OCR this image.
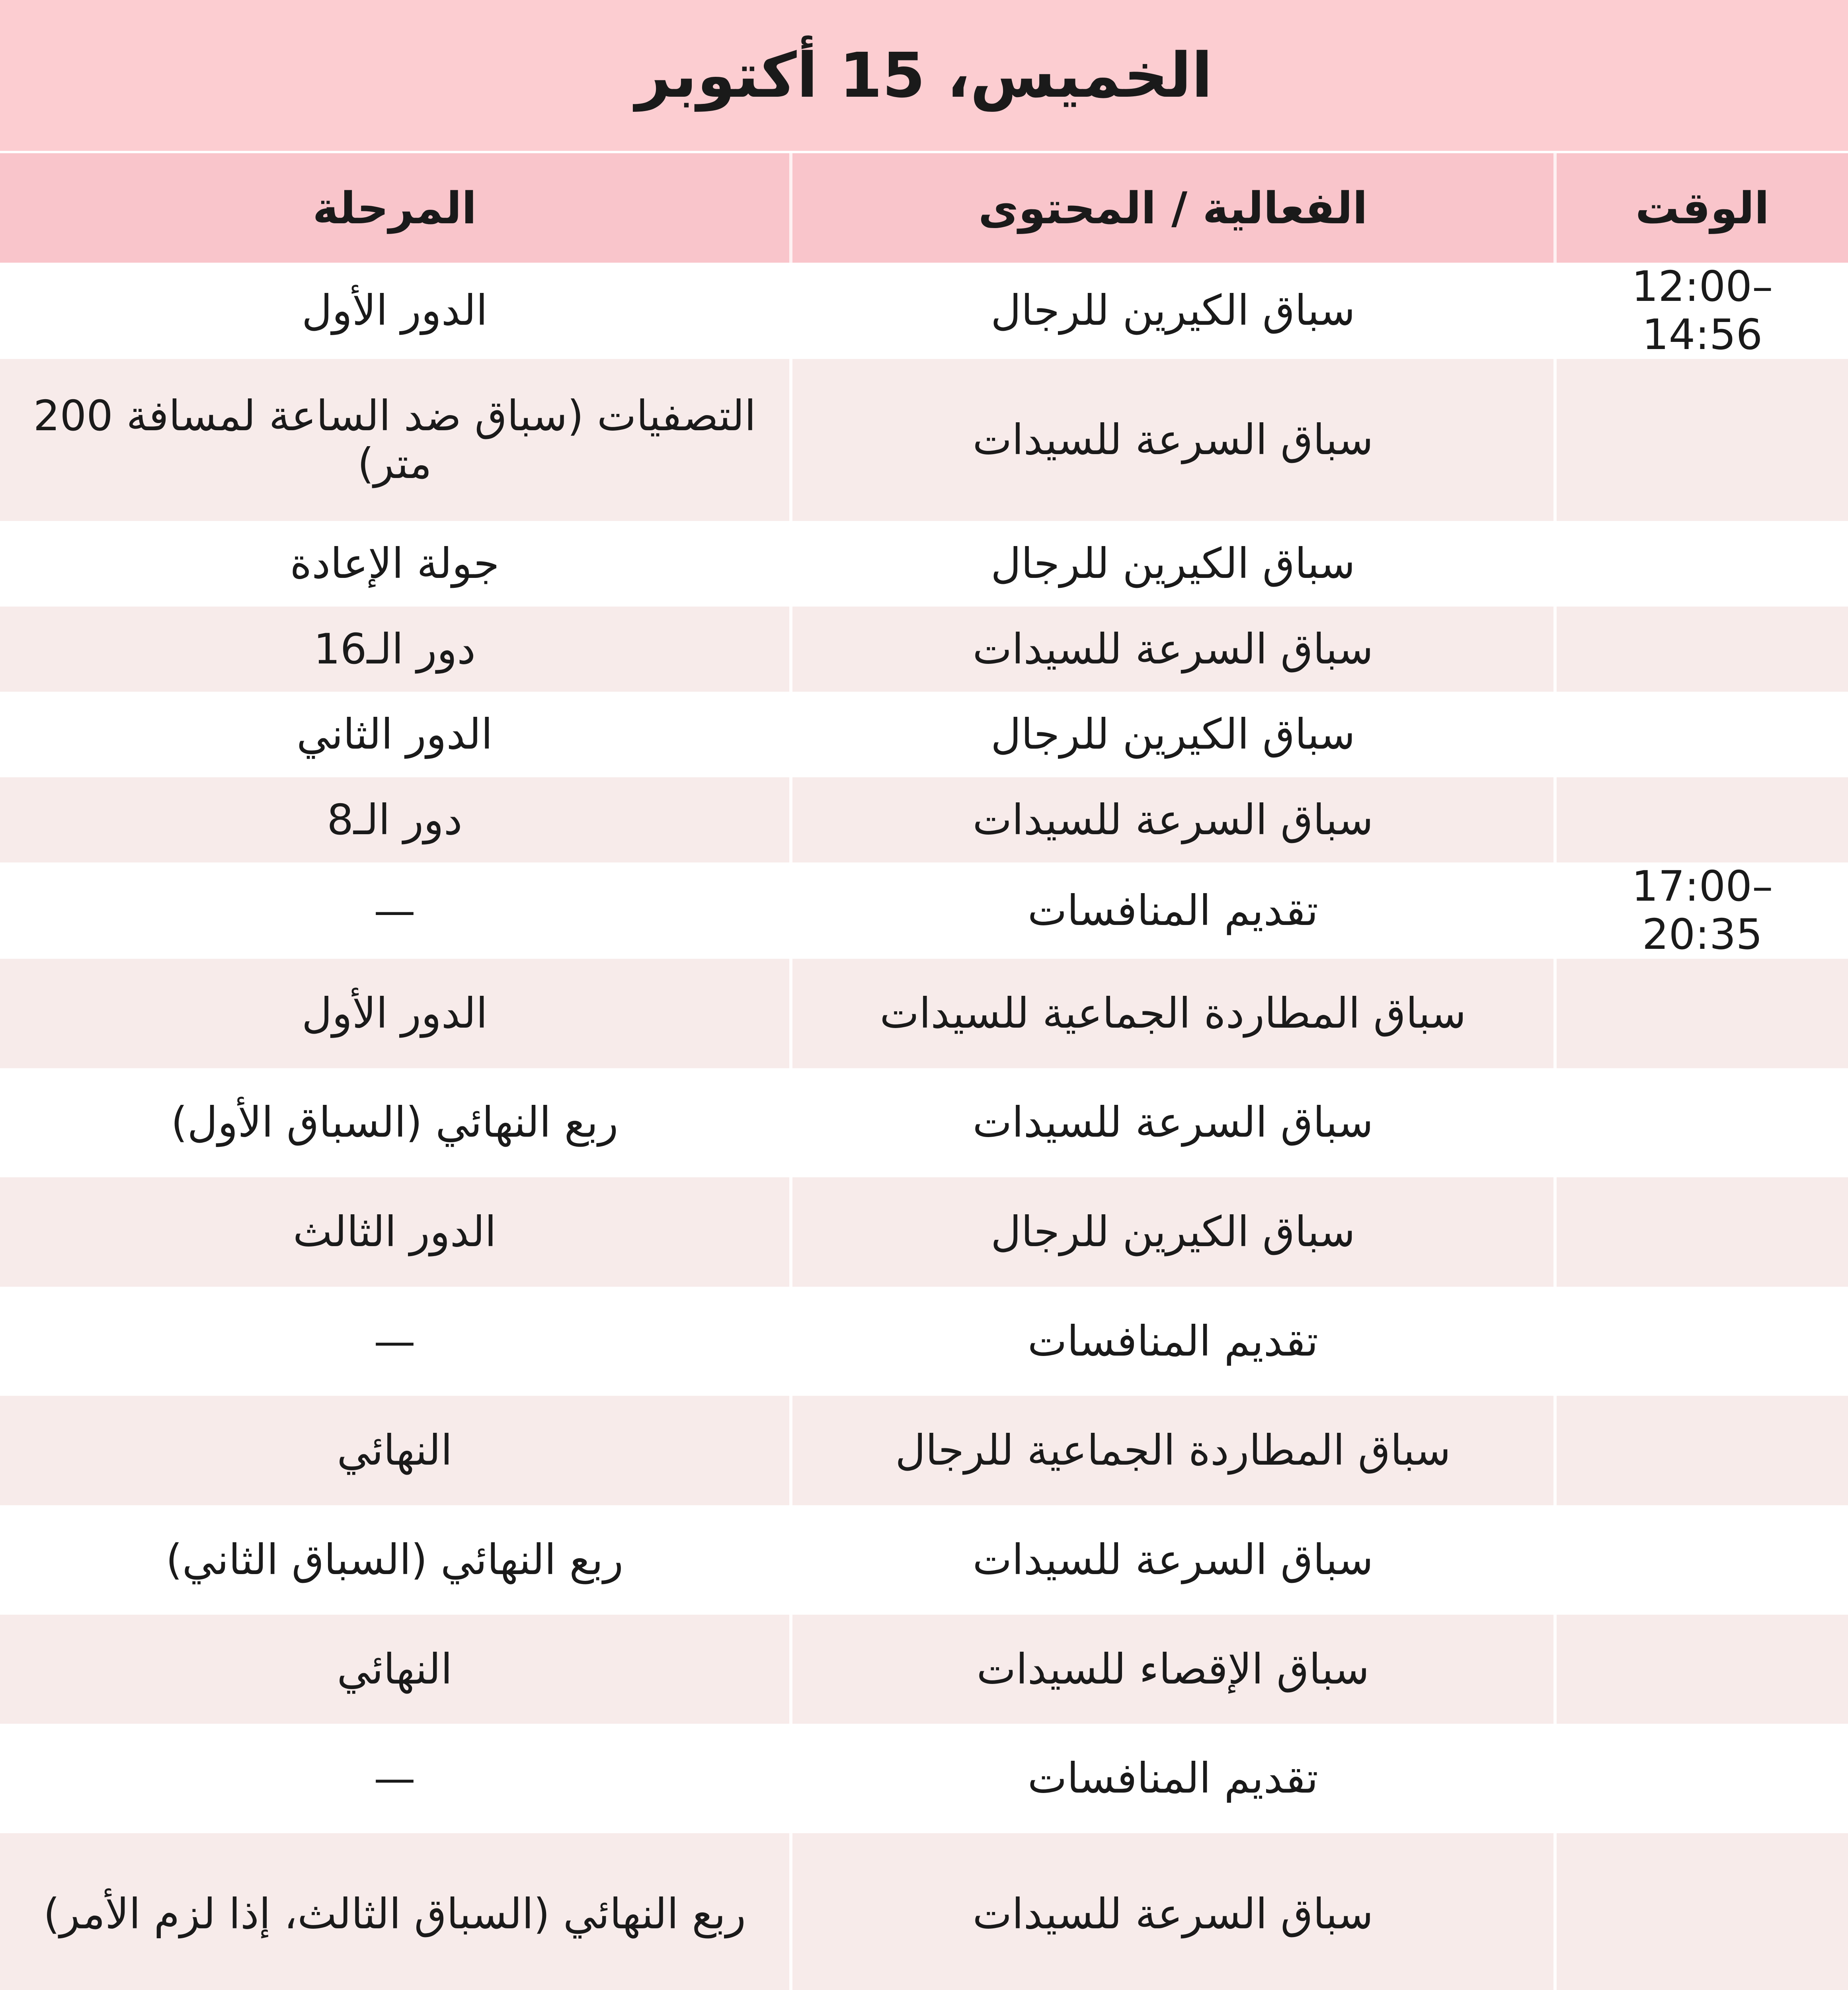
الخميس، 15 أكتوبر
الوقت
الفعالية / المحتوى
المرحلة
12:00–14:56
سباق الكيرين للرجال
الدور الأول
سباق السرعة للسيدات
التصفيات (سباق ضد الساعة لمسافة 200 متر)
سباق الكيرين للرجال
جولة الإعادة
سباق السرعة للسيدات
دور الـ16
سباق الكيرين للرجال
الدور الثاني
سباق السرعة للسيدات
دور الـ8
17:00–20:35
تقديم المنافسات
—
سباق المطاردة الجماعية للسيدات
الدور الأول
سباق السرعة للسيدات
ربع النهائي (السباق الأول)
سباق الكيرين للرجال
الدور الثالث
تقديم المنافسات
—
سباق المطاردة الجماعية للرجال
النهائي
سباق السرعة للسيدات
ربع النهائي (السباق الثاني)
سباق الإقصاء للسيدات
النهائي
تقديم المنافسات
—
سباق السرعة للسيدات
ربع النهائي (السباق الثالث، إذا لزم الأمر)
